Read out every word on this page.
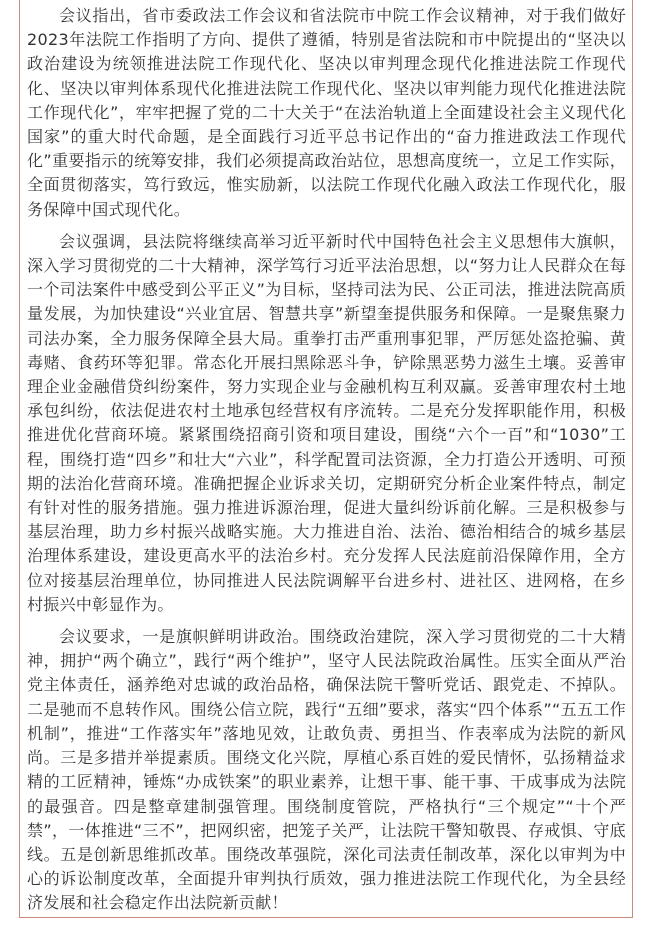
会议指出，省市委政法工作会议和省法院市中院工作会议精神，对于我们做好2023年法院工作指明了方向、提供了遵循，特别是省法院和市中院提出的“坚决以政治建设为统领推进法院工作现代化、坚决以审判理念现代化推进法院工作现代化、坚决以审判体系现代化推进法院工作现代化、坚决以审判能力现代化推进法院工作现代化”，牢牢把握了党的二十大关于“在法治轨道上全面建设社会主义现代化国家”的重大时代命题，是全面践行习近平总书记作出的“奋力推进政法工作现代化”重要指示的统筹安排，我们必须提高政治站位，思想高度统一，立足工作实际，全面贯彻落实，笃行致远，惟实励新，以法院工作现代化融入政法工作现代化，服务保障中国式现代化。

会议强调，县法院将继续高举习近平新时代中国特色社会主义思想伟大旗帜，深入学习贯彻党的二十大精神，深学笃行习近平法治思想，以“努力让人民群众在每一个司法案件中感受到公平正义”为目标，坚持司法为民、公正司法，推进法院高质量发展，为加快建设“兴业宜居、智慧共享”新望奎提供服务和保障。一是聚焦聚力司法办案，全力服务保障全县大局。重拳打击严重刑事犯罪，严厉惩处盗抢骗、黄毒赌、食药环等犯罪。常态化开展扫黑除恶斗争，铲除黑恶势力滋生土壤。妥善审理企业金融借贷纠纷案件，努力实现企业与金融机构互利双赢。妥善审理农村土地承包纠纷，依法促进农村土地承包经营权有序流转。二是充分发挥职能作用，积极推进优化营商环境。紧紧围绕招商引资和项目建设，围绕“六个一百”和“1030”工程，围绕打造“四乡”和壮大“六业”，科学配置司法资源，全力打造公开透明、可预期的法治化营商环境。准确把握企业诉求关切，定期研究分析企业案件特点，制定有针对性的服务措施。强力推进诉源治理，促进大量纠纷诉前化解。三是积极参与基层治理，助力乡村振兴战略实施。大力推进自治、法治、德治相结合的城乡基层治理体系建设，建设更高水平的法治乡村。充分发挥人民法庭前沿保障作用，全方位对接基层治理单位，协同推进人民法院调解平台进乡村、进社区、进网格，在乡村振兴中彰显作为。

会议要求，一是旗帜鲜明讲政治。围绕政治建院，深入学习贯彻党的二十大精神，拥护“两个确立”，践行“两个维护”，坚守人民法院政治属性。压实全面从严治党主体责任，涵养绝对忠诚的政治品格，确保法院干警听党话、跟党走、不掉队。二是驰而不息转作风。围绕公信立院，践行“五细”要求，落实“四个体系”“五五工作机制”，推进“工作落实年”落地见效，让敢负责、勇担当、作表率成为法院的新风尚。三是多措并举提素质。围绕文化兴院，厚植心系百姓的爱民情怀，弘扬精益求精的工匠精神，锤炼“办成铁案”的职业素养，让想干事、能干事、干成事成为法院的最强音。四是整章建制强管理。围绕制度管院，严格执行“三个规定”“十个严禁”，一体推进“三不”，把网织密，把笼子关严，让法院干警知敬畏、存戒惧、守底线。五是创新思维抓改革。围绕改革强院，深化司法责任制改革，深化以审判为中心的诉讼制度改革，全面提升审判执行质效，强力推进法院工作现代化，为全县经济发展和社会稳定作出法院新贡献！
